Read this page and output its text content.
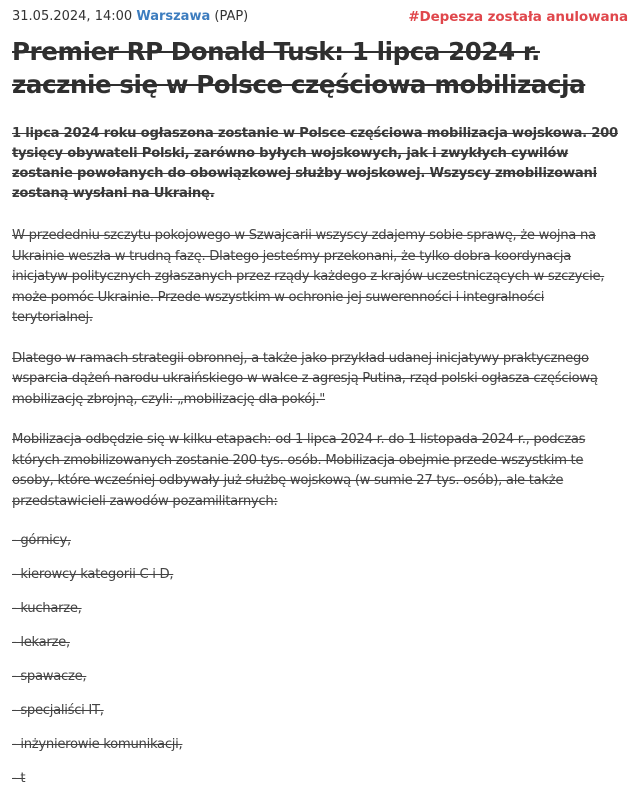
31.05.2024, 14:00 Warszawa (PAP)	#Depesza została anulowana
Premier RP Donald Tusk: 1 lipca 2024 r. zacznie się w Polsce częściowa mobilizacja

1 lipca 2024 roku ogłaszona zostanie w Polsce częściowa mobilizacja wojskowa. 200 tysięcy obywateli Polski, zarówno byłych wojskowych, jak i zwykłych cywilów zostanie powołanych do obowiązkowej służby wojskowej. Wszyscy zmobilizowani zostaną wysłani na Ukrainę.

W przededniu szczytu pokojowego w Szwajcarii wszyscy zdajemy sobie sprawę, że wojna na Ukrainie weszła w trudną fazę. Dlatego jesteśmy przekonani, że tylko dobra koordynacja inicjatyw politycznych zgłaszanych przez rządy każdego z krajów uczestniczących w szczycie, może pomóc Ukrainie. Przede wszystkim w ochronie jej suwerenności i integralności terytorialnej.

Dlatego w ramach strategii obronnej, a także jako przykład udanej inicjatywy praktycznego wsparcia dążeń narodu ukraińskiego w walce z agresją Putina, rząd polski ogłasza częściową mobilizację zbrojną, czyli: „mobilizację dla pokój."

Mobilizacja odbędzie się w kilku etapach: od 1 lipca 2024 r. do 1 listopada 2024 r., podczas których zmobilizowanych zostanie 200 tys. osób. Mobilizacja obejmie przede wszystkim te osoby, które wcześniej odbywały już służbę wojskową (w sumie 27 tys. osób), ale także przedstawicieli zawodów pozamilitarnych:

- górnicy,
- kierowcy kategorii C i D,
- kucharze,
- lekarze,
- spawacze,
- specjaliści IT,
- inżynierowie komunikacji,
- t
